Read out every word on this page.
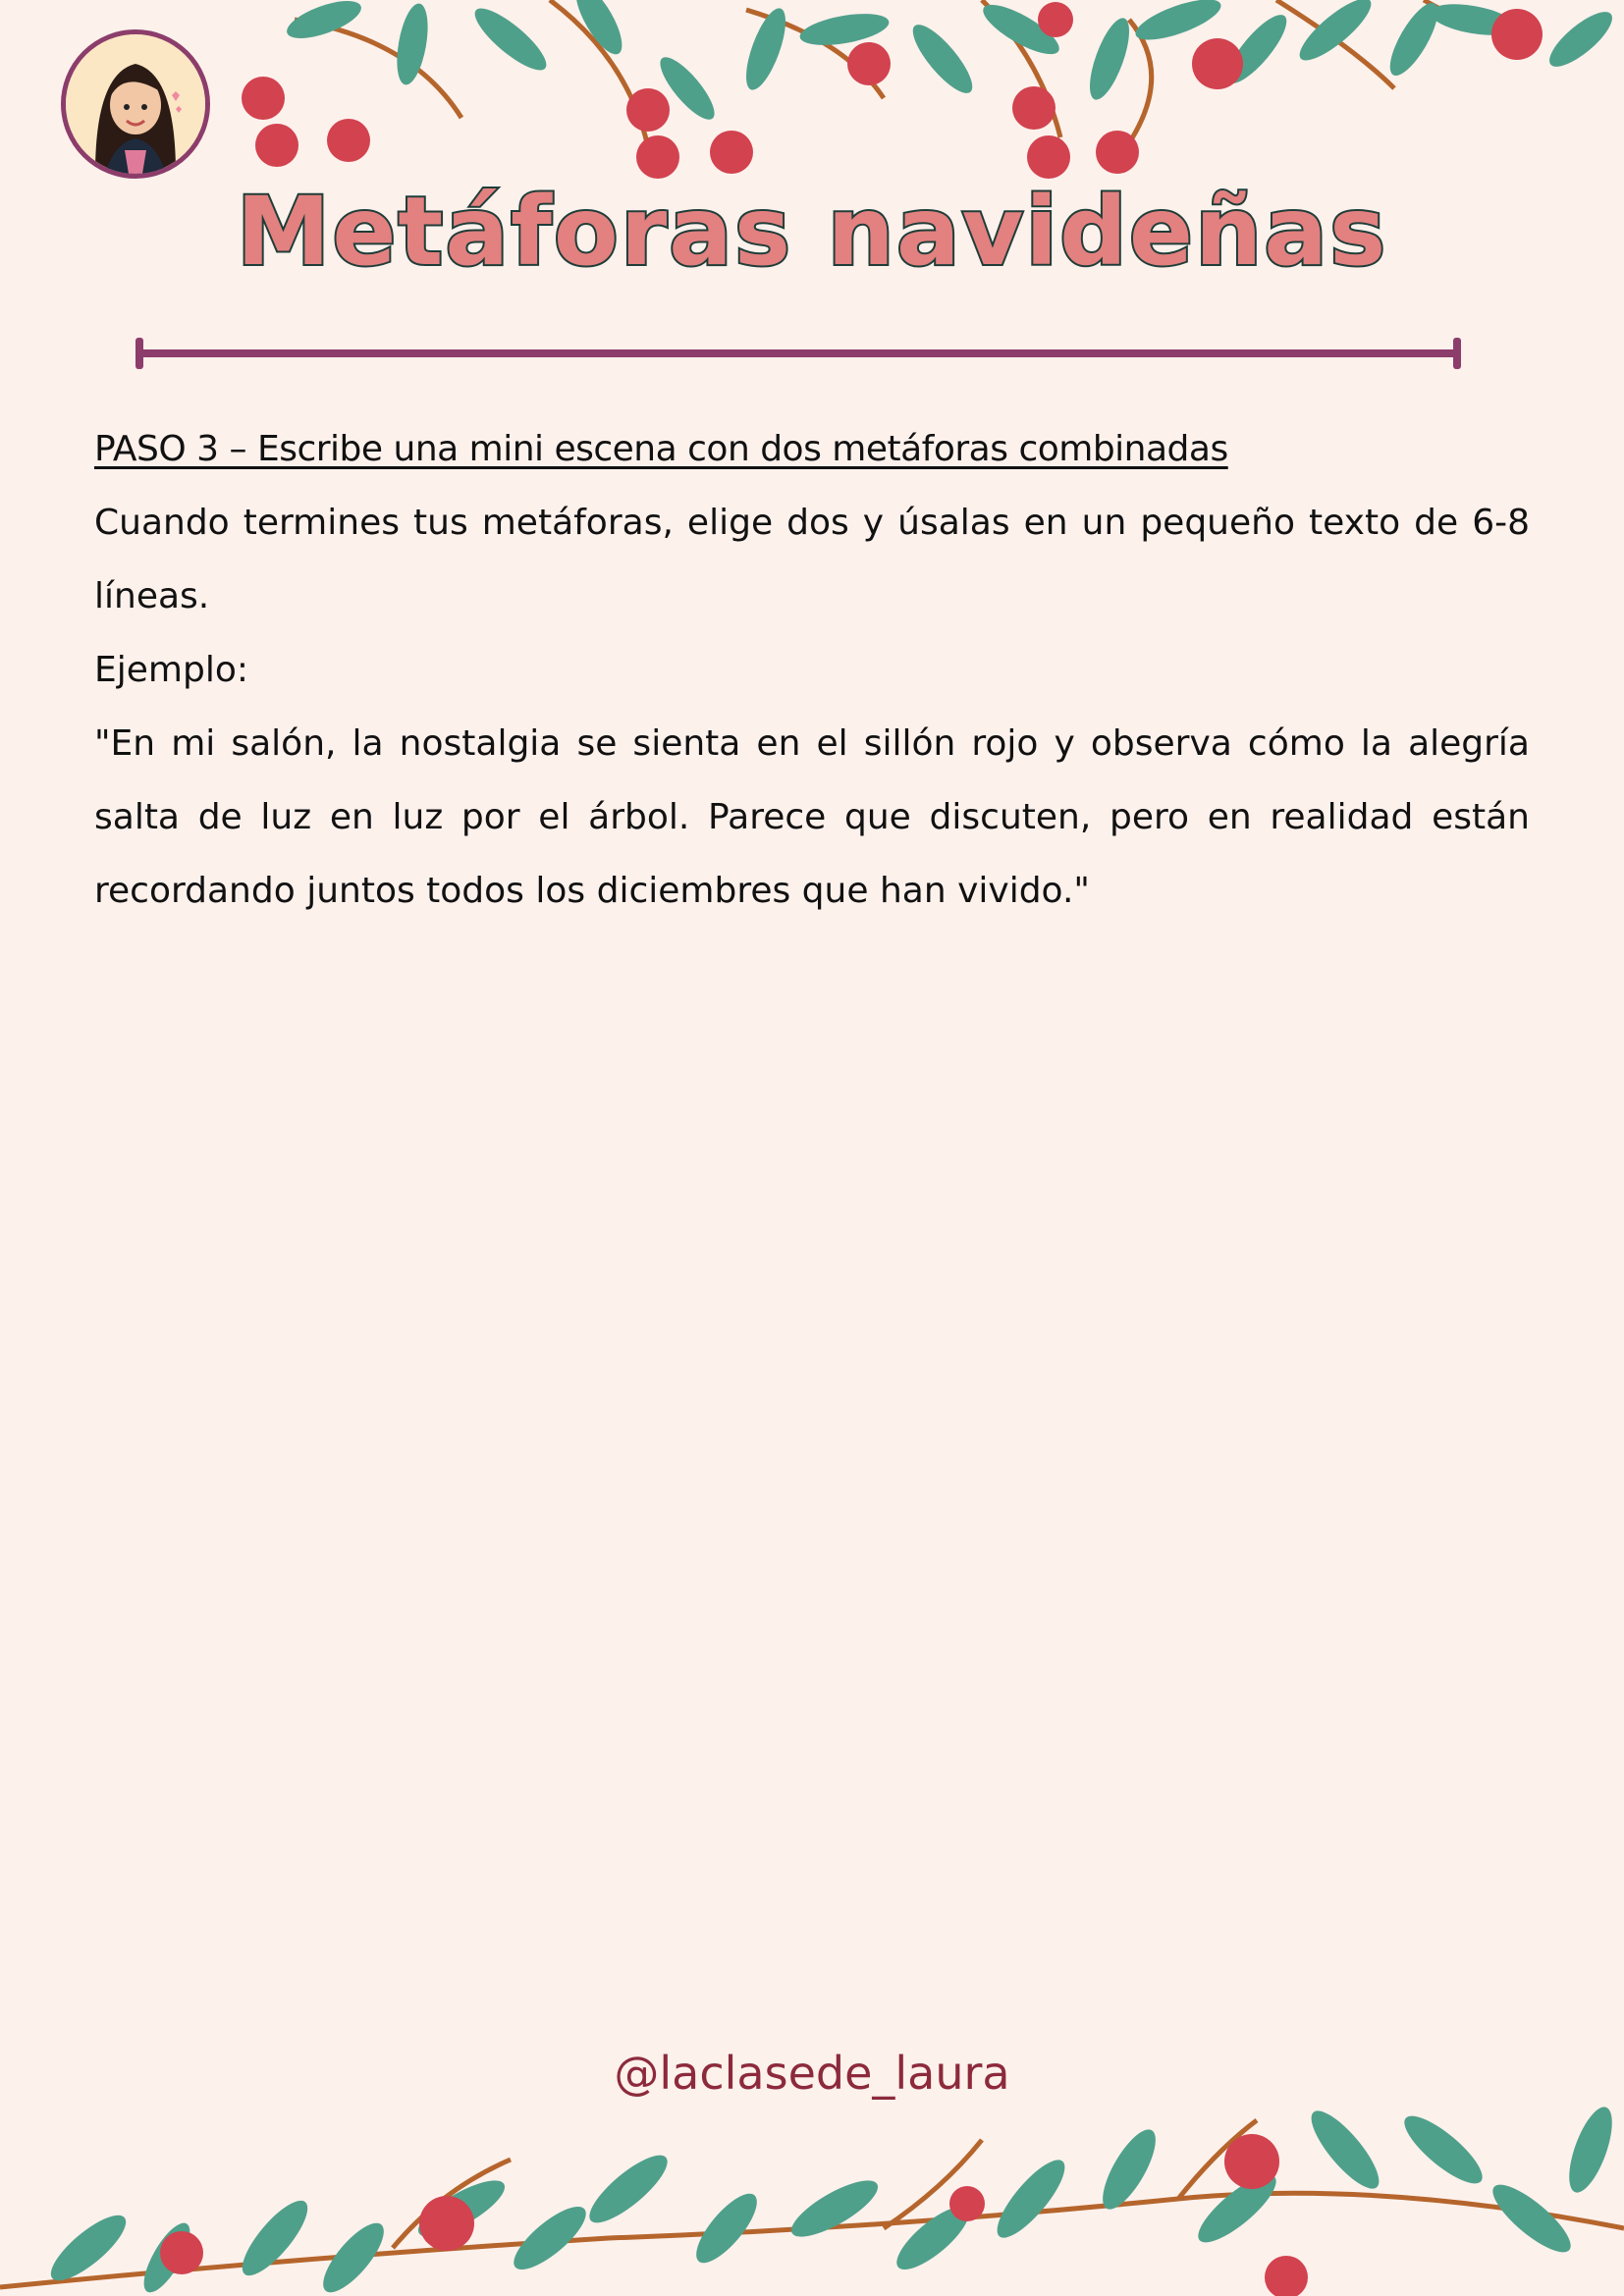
Metáforas navideñas

PASO 3 – Escribe una mini escena con dos metáforas combinadas

Cuando termines tus metáforas, elige dos y úsalas en un pequeño texto de 6-8 líneas.

Ejemplo:

"En mi salón, la nostalgia se sienta en el sillón rojo y observa cómo la alegría salta de luz en luz por el árbol. Parece que discuten, pero en realidad están recordando juntos todos los diciembres que han vivido."

@laclasede_laura
